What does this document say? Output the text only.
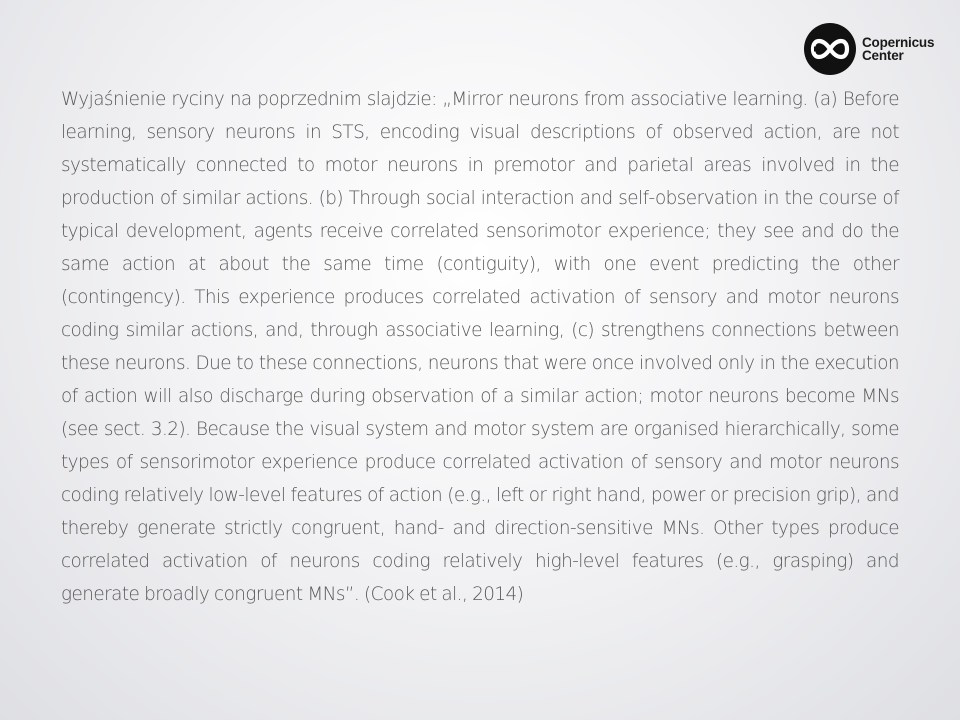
Copernicus
Center

Wyjaśnienie ryciny na poprzednim slajdzie: „Mirror neurons from associative learning. (a) Before learning, sensory neurons in STS, encoding visual descriptions of observed action, are not systematically connected to motor neurons in premotor and parietal areas involved in the production of similar actions. (b) Through social interaction and self-observation in the course of typical development, agents receive correlated sensorimotor experience; they see and do the same action at about the same time (contiguity), with one event predicting the other (contingency). This experience produces correlated activation of sensory and motor neurons coding similar actions, and, through associative learning, (c) strengthens connections between these neurons. Due to these connections, neurons that were once involved only in the execution of action will also discharge during observation of a similar action; motor neurons become MNs (see sect. 3.2). Because the visual system and motor system are organised hierarchically, some types of sensorimotor experience produce correlated activation of sensory and motor neurons coding relatively low-level features of action (e.g., left or right hand, power or precision grip), and thereby generate strictly congruent, hand- and direction-sensitive MNs. Other types produce correlated activation of neurons coding relatively high-level features (e.g., grasping) and generate broadly congruent MNs”. (Cook et al., 2014)
